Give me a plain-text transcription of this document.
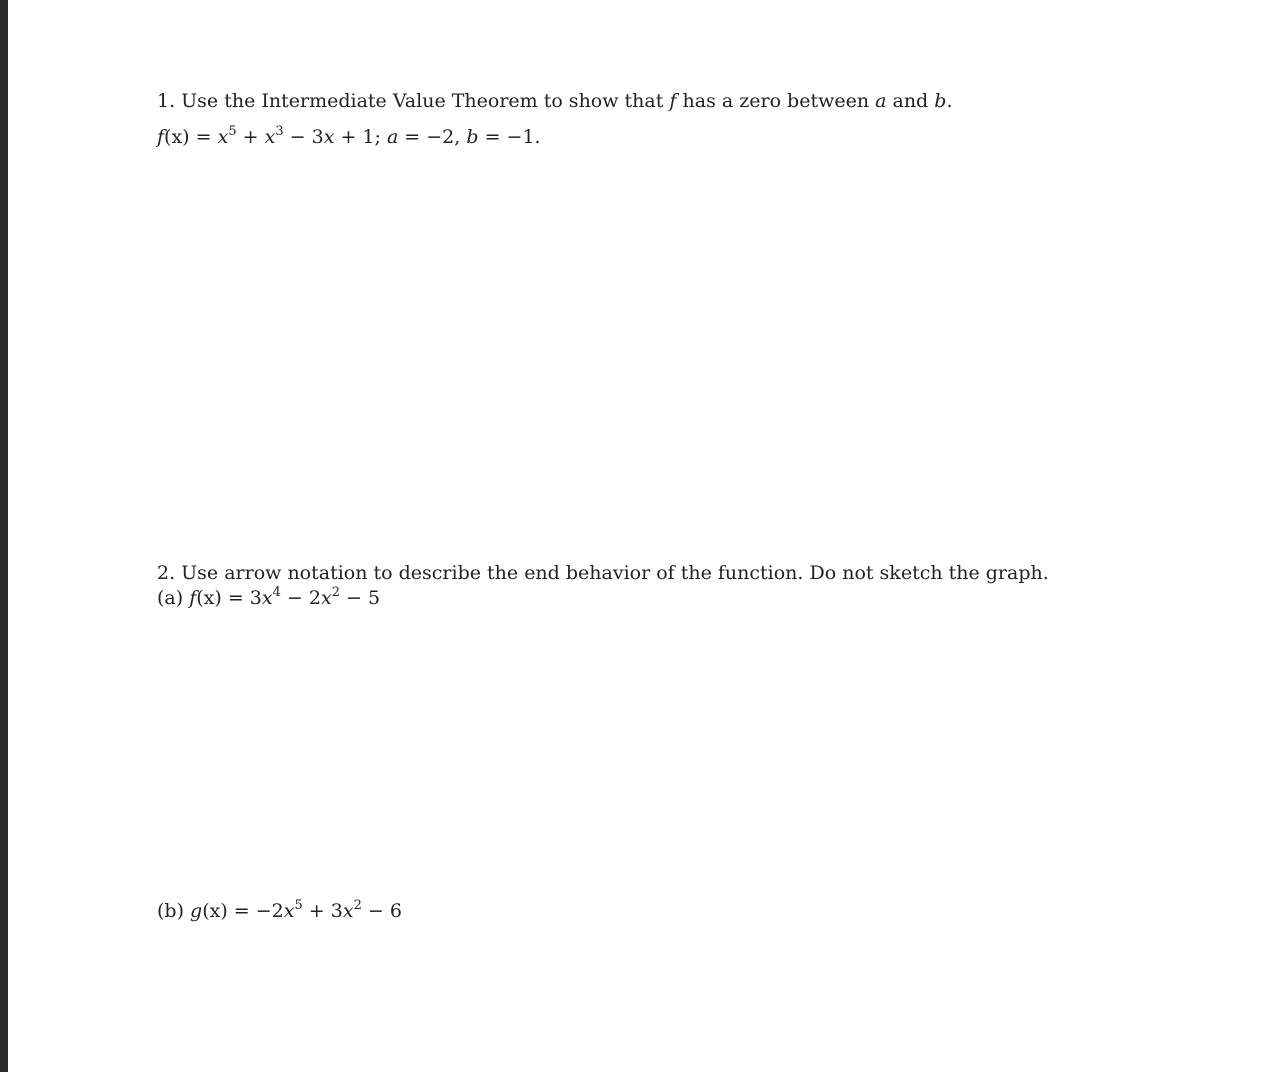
1. Use the Intermediate Value Theorem to show that f has a zero between a and b.
$f(x) = x^5 + x^3 - 3x + 1$; a = −2, b = −1.
2. Use arrow notation to describe the end behavior of the function. Do not sketch the graph.
(a) $f(x) = 3x^4 - 2x^2 - 5$
(b) $g(x) = -2x^5 + 3x^2 - 6$
